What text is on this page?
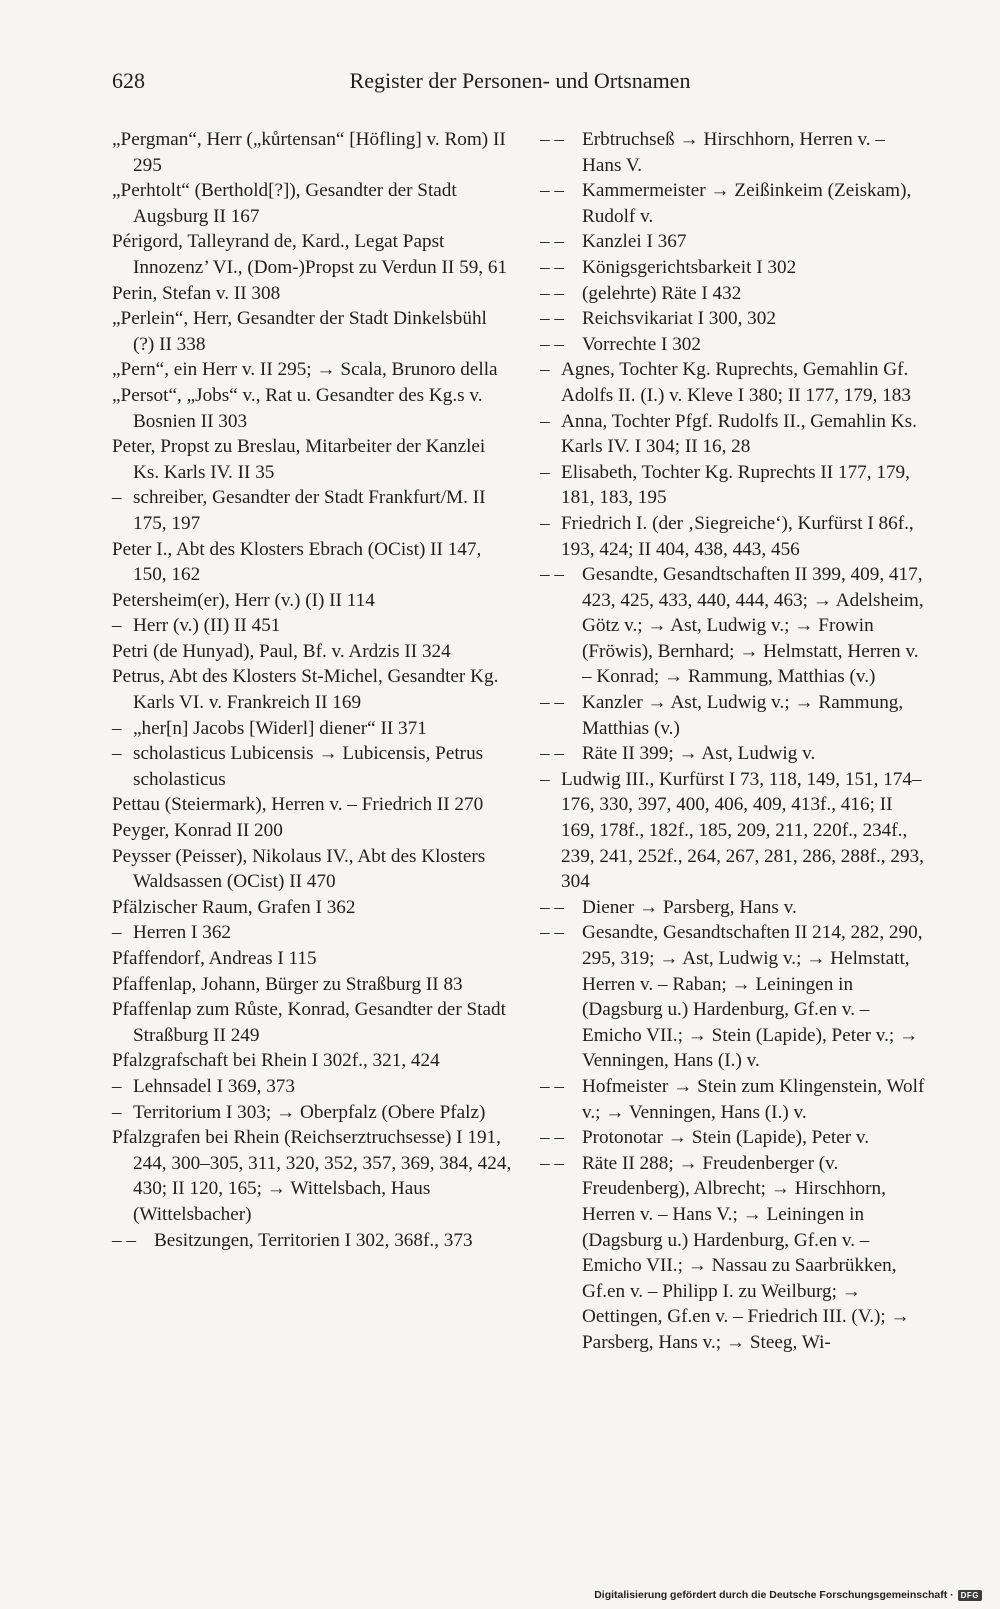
628	Register der Personen- und Ortsnamen

„Pergman“, Herr („kůrtensan“ [Höfling] v. Rom) II 295

„Perhtolt“ (Berthold[?]), Gesandter der Stadt Augsburg II 167

Périgord, Talleyrand de, Kard., Legat Papst Innozenz’ VI., (Dom-)Propst zu Verdun II 59, 61

Perin, Stefan v. II 308

„Perlein“, Herr, Gesandter der Stadt Dinkelsbühl (?) II 338

„Pern“, ein Herr v. II 295; → Scala, Brunoro della

„Persot“, „Jobs“ v., Rat u. Gesandter des Kg.s v. Bosnien II 303

Peter, Propst zu Breslau, Mitarbeiter der Kanzlei Ks. Karls IV. II 35

– schreiber, Gesandter der Stadt Frankfurt/M. II 175, 197

Peter I., Abt des Klosters Ebrach (OCist) II 147, 150, 162

Petersheim(er), Herr (v.) (I) II 114

– Herr (v.) (II) II 451

Petri (de Hunyad), Paul, Bf. v. Ardzis II 324

Petrus, Abt des Klosters St-Michel, Gesandter Kg. Karls VI. v. Frankreich II 169

– „her[n] Jacobs [Widerl] diener“ II 371

– scholasticus Lubicensis → Lubicensis, Petrus scholasticus

Pettau (Steiermark), Herren v. – Friedrich II 270

Peyger, Konrad II 200

Peysser (Peisser), Nikolaus IV., Abt des Klosters Waldsassen (OCist) II 470

Pfälzischer Raum, Grafen I 362

– Herren I 362

Pfaffendorf, Andreas I 115

Pfaffenlap, Johann, Bürger zu Straßburg II 83

Pfaffenlap zum Růste, Konrad, Gesandter der Stadt Straßburg II 249

Pfalzgrafschaft bei Rhein I 302f., 321, 424

– Lehnsadel I 369, 373

– Territorium I 303; → Oberpfalz (Obere Pfalz)

Pfalzgrafen bei Rhein (Reichserztruchsesse) I 191, 244, 300–305, 311, 320, 352, 357, 369, 384, 424, 430; II 120, 165; → Wittelsbach, Haus (Wittelsbacher)

– – Besitzungen, Territorien I 302, 368f., 373

– – Erbtruchseß → Hirschhorn, Herren v. – Hans V.

– – Kammermeister → Zeißinkeim (Zeiskam), Rudolf v.

– – Kanzlei I 367

– – Königsgerichtsbarkeit I 302

– – (gelehrte) Räte I 432

– – Reichsvikariat I 300, 302

– – Vorrechte I 302

– Agnes, Tochter Kg. Ruprechts, Gemahlin Gf. Adolfs II. (I.) v. Kleve I 380; II 177, 179, 183

– Anna, Tochter Pfgf. Rudolfs II., Gemahlin Ks. Karls IV. I 304; II 16, 28

– Elisabeth, Tochter Kg. Ruprechts II 177, 179, 181, 183, 195

– Friedrich I. (der ‚Siegreiche‘), Kurfürst I 86f., 193, 424; II 404, 438, 443, 456

– – Gesandte, Gesandtschaften II 399, 409, 417, 423, 425, 433, 440, 444, 463; → Adelsheim, Götz v.; → Ast, Ludwig v.; → Frowin (Fröwis), Bernhard; → Helmstatt, Herren v. – Konrad; → Rammung, Matthias (v.)

– – Kanzler → Ast, Ludwig v.; → Rammung, Matthias (v.)

– – Räte II 399; → Ast, Ludwig v.

– Ludwig III., Kurfürst I 73, 118, 149, 151, 174–176, 330, 397, 400, 406, 409, 413f., 416; II 169, 178f., 182f., 185, 209, 211, 220f., 234f., 239, 241, 252f., 264, 267, 281, 286, 288f., 293, 304

– – Diener → Parsberg, Hans v.

– – Gesandte, Gesandtschaften II 214, 282, 290, 295, 319; → Ast, Ludwig v.; → Helmstatt, Herren v. – Raban; → Leiningen in (Dagsburg u.) Hardenburg, Gf.en v. – Emicho VII.; → Stein (Lapide), Peter v.; → Venningen, Hans (I.) v.

– – Hofmeister → Stein zum Klingenstein, Wolf v.; → Venningen, Hans (I.) v.

– – Protonotar → Stein (Lapide), Peter v.

– – Räte II 288; → Freudenberger (v. Freudenberg), Albrecht; → Hirschhorn, Herren v. – Hans V.; → Leiningen in (Dagsburg u.) Hardenburg, Gf.en v. – Emicho VII.; → Nassau zu Saarbrükken, Gf.en v. – Philipp I. zu Weilburg; → Oettingen, Gf.en v. – Friedrich III. (V.); → Parsberg, Hans v.; → Steeg, Wi-

Digitalisierung gefördert durch die Deutsche Forschungsgemeinschaft · DFG
